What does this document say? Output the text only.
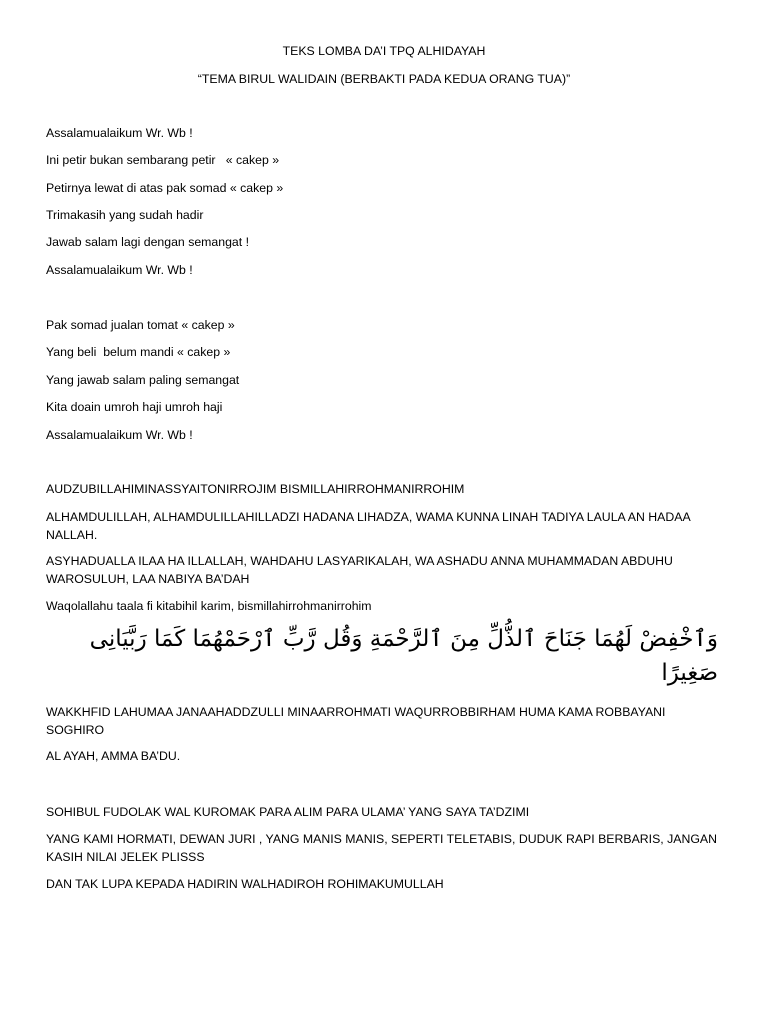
TEKS LOMBA DA’I TPQ ALHIDAYAH
“TEMA BIRUL WALIDAIN (BERBAKTI PADA KEDUA ORANG TUA)”
Assalamualaikum Wr. Wb !
Ini petir bukan sembarang petir   « cakep »
Petirnya lewat di atas pak somad « cakep »
Trimakasih yang sudah hadir
Jawab salam lagi dengan semangat !
Assalamualaikum Wr. Wb !
Pak somad jualan tomat « cakep »
Yang beli  belum mandi « cakep »
Yang jawab salam paling semangat
Kita doain umroh haji umroh haji
Assalamualaikum Wr. Wb !
AUDZUBILLAHIMINASSYAITONIRROJIM BISMILLAHIRROHMANIRROHIM
ALHAMDULILLAH, ALHAMDULILLAHILLADZI HADANA LIHADZA, WAMA KUNNA LINAH TADIYA LAULA AN HADAA NALLAH.
ASYHADUALLA ILAA HA ILLALLAH, WAHDAHU LASYARIKALAH, WA ASHADU ANNA MUHAMMADAN ABDUHU WAROSULUH, LAA NABIYA BA’DAH
Waqolallahu taala fi kitabihil karim, bismillahirrohmanirrohim
وَٱخْفِضْ لَهُمَا جَنَاحَ ٱلذُّلِّ مِنَ ٱلرَّحْمَةِ وَقُل رَّبِّ ٱرْحَمْهُمَا كَمَا رَبَّيَانِى صَغِيرًا
WAKKHFID LAHUMAA JANAAHADDZULLI MINAARROHMATI WAQURROBBIRHAM HUMA KAMA ROBBAYANI SOGHIRO
AL AYAH, AMMA BA’DU.
SOHIBUL FUDOLAK WAL KUROMAK PARA ALIM PARA ULAMA’ YANG SAYA TA’DZIMI
YANG KAMI HORMATI, DEWAN JURI , YANG MANIS MANIS, SEPERTI TELETABIS, DUDUK RAPI BERBARIS, JANGAN KASIH NILAI JELEK PLISSS
DAN TAK LUPA KEPADA HADIRIN WALHADIROH ROHIMAKUMULLAH
